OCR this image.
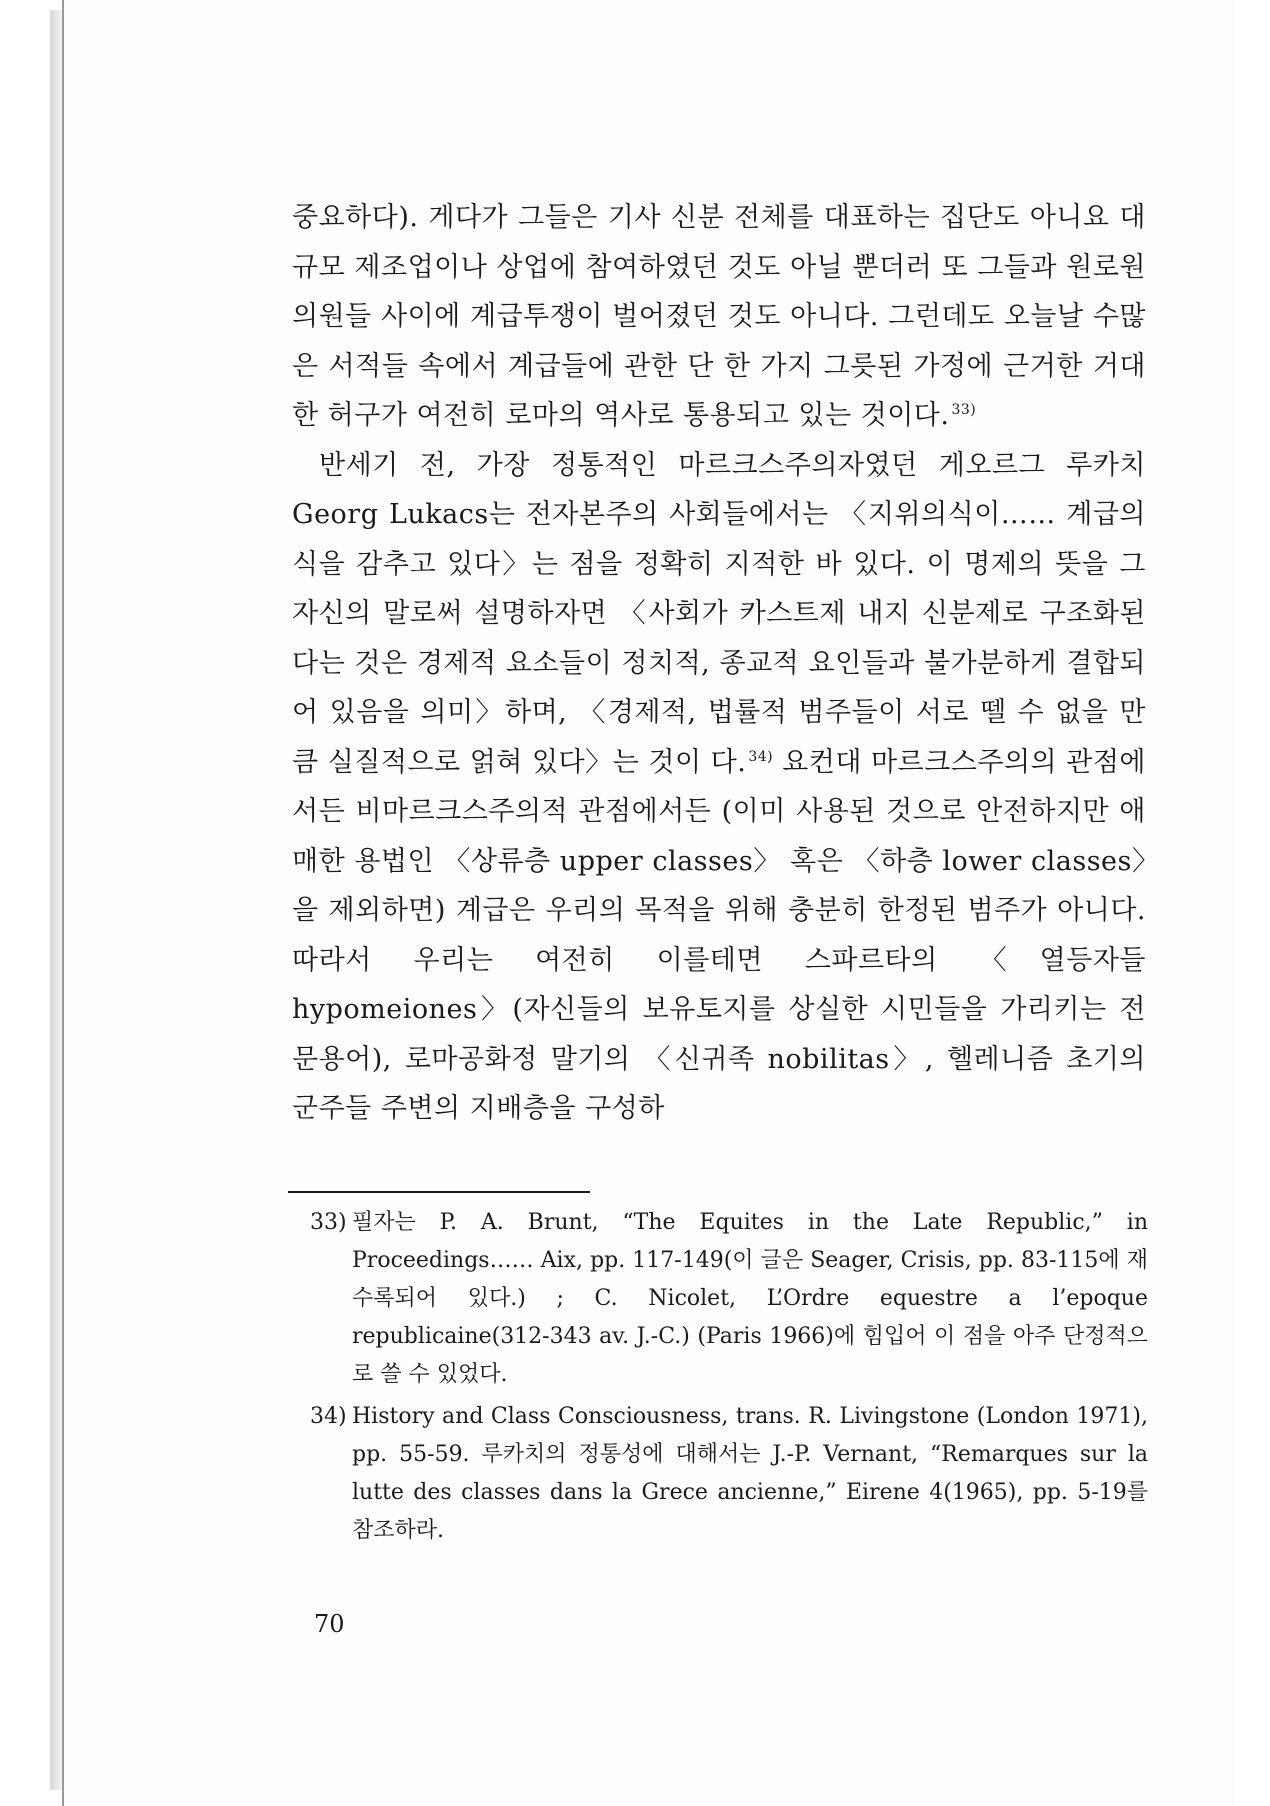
중요하다). 게다가 그들은 기사 신분 전체를 대표하는 집단도 아니요 대규모 제조업이나 상업에 참여하였던 것도 아닐 뿐더러 또 그들과 원로원 의원들 사이에 계급투쟁이 벌어졌던 것도 아니다. 그런데도 오늘날 수많은 서적들 속에서 계급들에 관한 단 한 가지 그릇된 가정에 근거한 거대한 허구가 여전히 로마의 역사로 통용되고 있는 것이다. $^{33)}$

반세기 전, 가장 정통적인 마르크스주의자였던 게오르그 루카치 Georg Lukacs는 전자본주의 사회들에서는 〈지위의식이…… 계급의식을 감추고 있다〉는 점을 정확히 지적한 바 있다. 이 명제의 뜻을 그 자신의 말로써 설명하자면 〈사회가 카스트제 내지 신분제로 구조화된다는 것은 경제적 요소들이 정치적, 종교적 요인들과 불가분하게 결합되어 있음을 의미〉하며, 〈경제적, 법률적 범주들이 서로 뗄 수 없을 만큼 실질적으로 얽혀 있다〉는 것이 다. $^{34)}$ 요컨대 마르크스주의의 관점에서든 비마르크스주의적 관점에서든 (이미 사용된 것으로 안전하지만 애매한 용법인 〈상류층 upper classes〉 혹은 〈하층 lower classes〉을 제외하면) 계급은 우리의 목적을 위해 충분히 한정된 범주가 아니다. 따라서 우리는 여전히 이를테면 스파르타의 〈열등자들 hypomeiones〉(자신들의 보유토지를 상실한 시민들을 가리키는 전문용어), 로마공화정 말기의 〈신귀족 nobilitas〉, 헬레니즘 초기의 군주들 주변의 지배층을 구성하

33) 필자는 P. A. Brunt, “The Equites in the Late Republic,” in Proceedings…… Aix, pp. 117-149(이 글은 Seager, Crisis, pp. 83-115에 재수록되어 있다.) ; C. Nicolet, L’Ordre equestre a l’epoque republicaine(312-343 av. J.-C.) (Paris 1966)에 힘입어 이 점을 아주 단정적으로 쓸 수 있었다.
34) History and Class Consciousness, trans. R. Livingstone (London 1971), pp. 55-59. 루카치의 정통성에 대해서는 J.-P. Vernant, “Remarques sur la lutte des classes dans la Grece ancienne,” Eirene 4(1965), pp. 5-19를 참조하라.
70
